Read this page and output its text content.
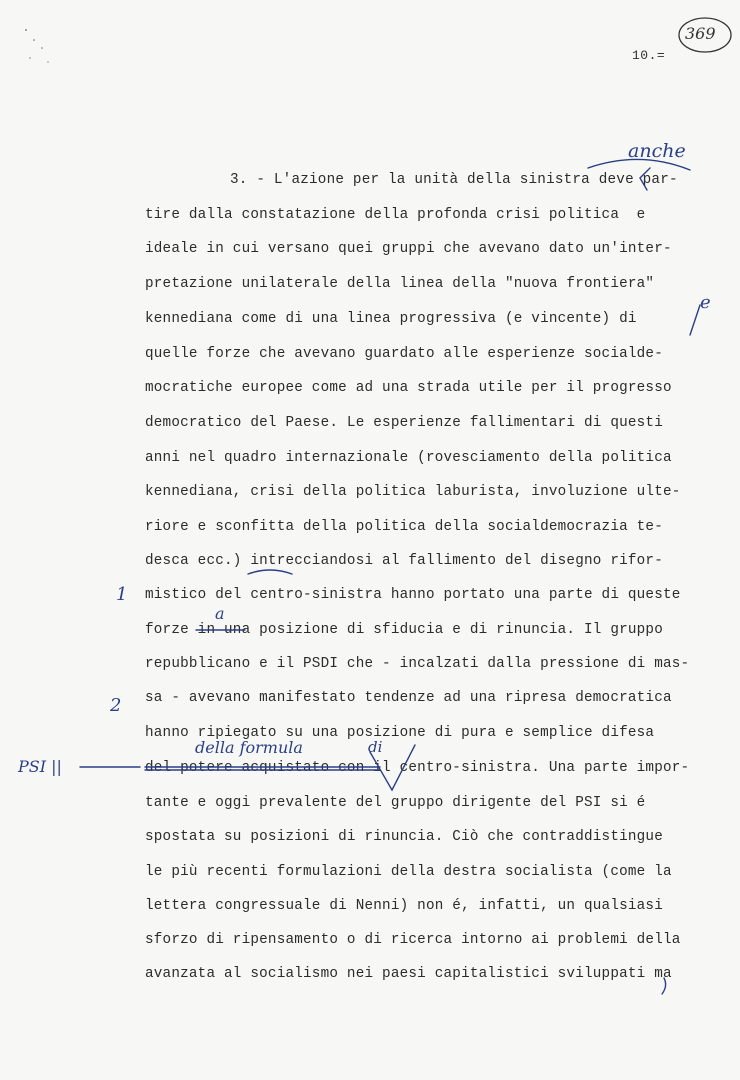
369
10.=
3. - L'azione per la unità della sinistra deve par-
tire dalla constatazione della profonda crisi politica  e
ideale in cui versano quei gruppi che avevano dato un'inter-
pretazione unilaterale della linea della "nuova frontiera"
kennediana come di una linea progressiva (e vincente) di
quelle forze che avevano guardato alle esperienze socialde-
mocratiche europee come ad una strada utile per il progresso
democratico del Paese. Le esperienze fallimentari di questi
anni nel quadro internazionale (rovesciamento della politica
kennediana, crisi della politica laburista, involuzione ulte-
riore e sconfitta della politica della socialdemocrazia te-
desca ecc.) intrecciandosi al fallimento del disegno rifor-
mistico del centro-sinistra hanno portato una parte di queste
forze in una posizione di sfiducia e di rinuncia. Il gruppo
repubblicano e il PSDI che - incalzati dalla pressione di mas-
sa - avevano manifestato tendenze ad una ripresa democratica
hanno ripiegato su una posizione di pura e semplice difesa
del potere acquistato con il centro-sinistra. Una parte impor-
tante e oggi prevalente del gruppo dirigente del PSI si é
spostata su posizioni di rinuncia. Ciò che contraddistingue
le più recenti formulazioni della destra socialista (come la
lettera congressuale di Nenni) non é, infatti, un qualsiasi
sforzo di ripensamento o di ricerca intorno ai problemi della
avanzata al socialismo nei paesi capitalistici sviluppati ma
anche
e
a
della formula	di
1
2
PSI ||
